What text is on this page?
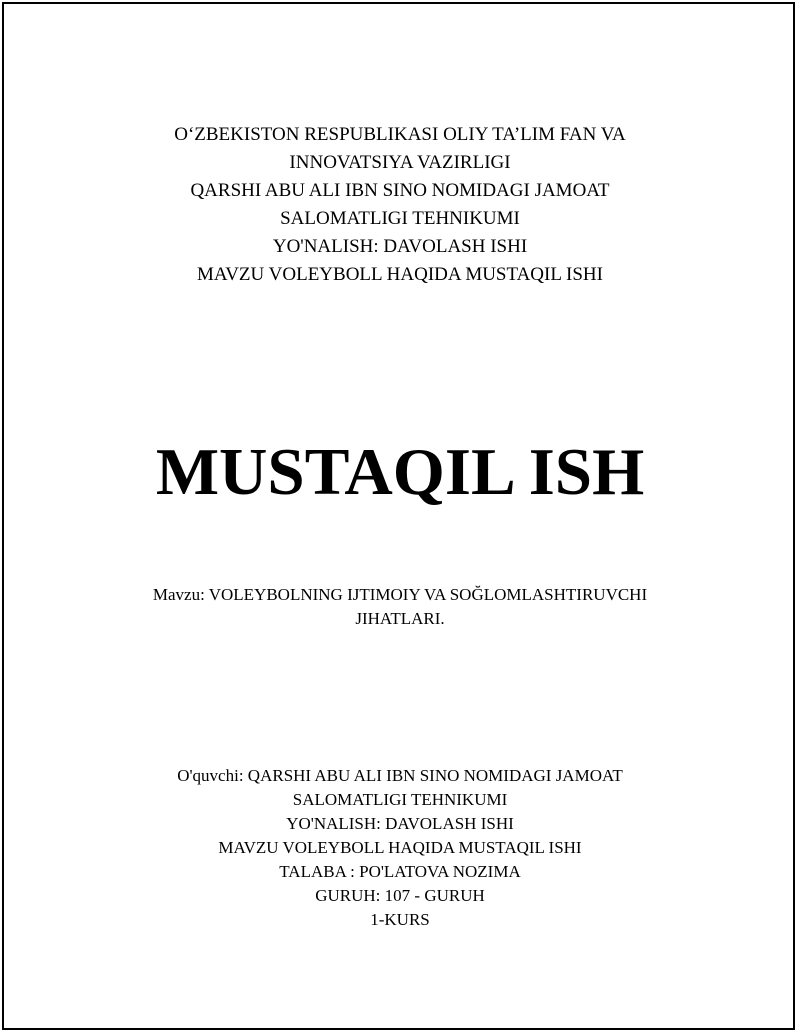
O‘ZBEKISTON RESPUBLIKASI OLIY TA’LIM FAN VA
INNOVATSIYA VAZIRLIGI
QARSHI ABU ALI IBN SINO NOMIDAGI JAMOAT
SALOMATLIGI TEHNIKUMI
YO'NALISH: DAVOLASH ISHI
MAVZU VOLEYBOLL HAQIDA MUSTAQIL ISHI
MUSTAQIL ISH
Mavzu: VOLEYBOLNING IJTIMOIY VA SOĞLOMLASHTIRUVCHI
JIHATLARI.
O'quvchi: QARSHI ABU ALI IBN SINO NOMIDAGI JAMOAT
SALOMATLIGI TEHNIKUMI
YO'NALISH: DAVOLASH ISHI
MAVZU VOLEYBOLL HAQIDA MUSTAQIL ISHI
TALABA : PO'LATOVA NOZIMA
GURUH: 107 - GURUH
1-KURS
